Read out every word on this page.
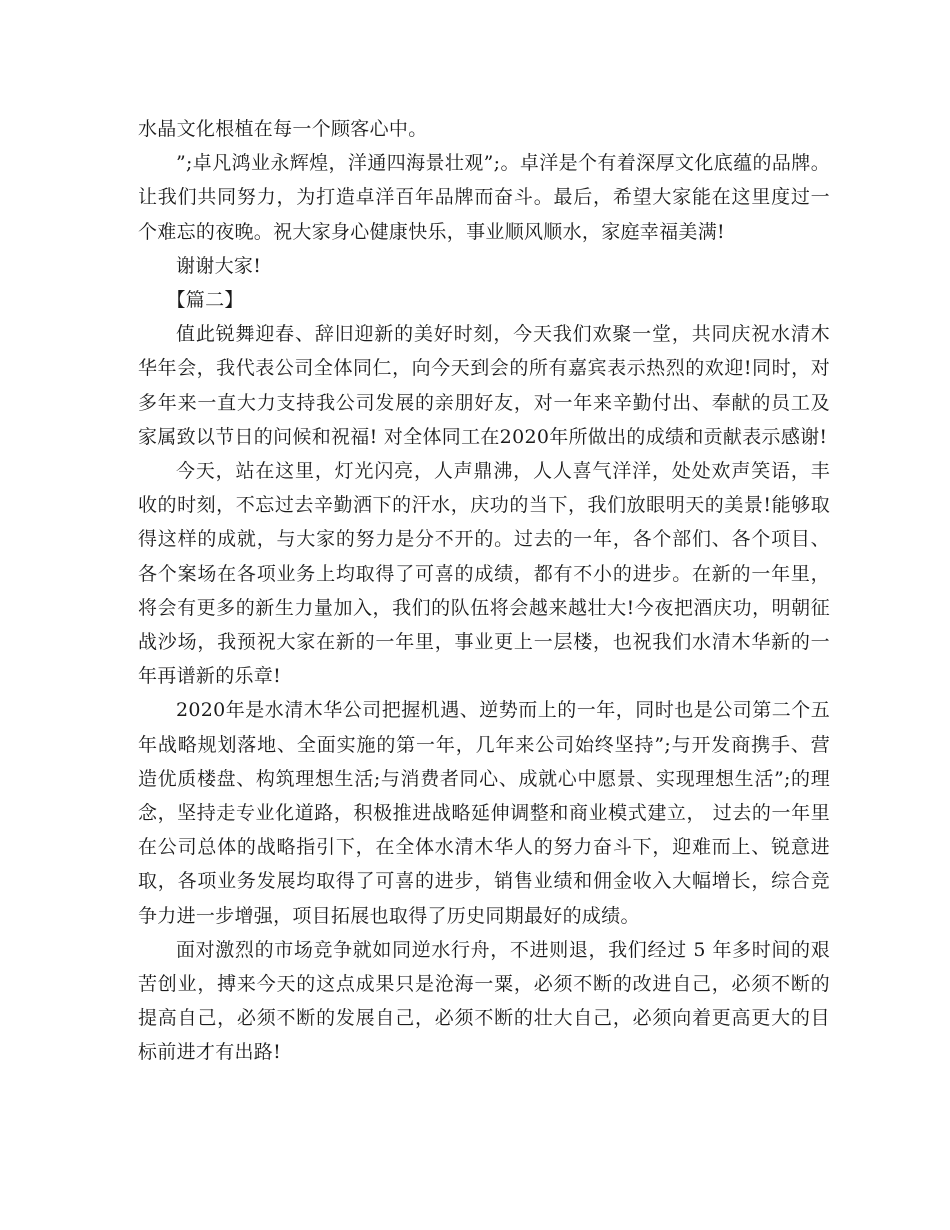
水晶文化根植在每一个顾客心中。

”;卓凡鸿业永辉煌，洋通四海景壮观”;。卓洋是个有着深厚文化底蕴的品牌。让我们共同努力，为打造卓洋百年品牌而奋斗。最后，希望大家能在这里度过一个难忘的夜晚。祝大家身心健康快乐，事业顺风顺水，家庭幸福美满!

谢谢大家!

【篇二】

值此锐舞迎春、辞旧迎新的美好时刻，今天我们欢聚一堂，共同庆祝水清木华年会，我代表公司全体同仁，向今天到会的所有嘉宾表示热烈的欢迎!同时，对多年来一直大力支持我公司发展的亲朋好友，对一年来辛勤付出、奉献的员工及家属致以节日的问候和祝福! 对全体同工在2020年所做出的成绩和贡献表示感谢!

今天，站在这里，灯光闪亮，人声鼎沸，人人喜气洋洋，处处欢声笑语，丰收的时刻，不忘过去辛勤洒下的汗水，庆功的当下，我们放眼明天的美景!能够取得这样的成就，与大家的努力是分不开的。过去的一年，各个部们、各个项目、各个案场在各项业务上均取得了可喜的成绩，都有不小的进步。在新的一年里，将会有更多的新生力量加入，我们的队伍将会越来越壮大!今夜把酒庆功，明朝征战沙场，我预祝大家在新的一年里，事业更上一层楼，也祝我们水清木华新的一年再谱新的乐章!

2020年是水清木华公司把握机遇、逆势而上的一年，同时也是公司第二个五年战略规划落地、全面实施的第一年，几年来公司始终坚持”;与开发商携手、营造优质楼盘、构筑理想生活;与消费者同心、成就心中愿景、实现理想生活”;的理念，坚持走专业化道路，积极推进战略延伸调整和商业模式建立， 过去的一年里在公司总体的战略指引下，在全体水清木华人的努力奋斗下，迎难而上、锐意进取，各项业务发展均取得了可喜的进步，销售业绩和佣金收入大幅增长，综合竞争力进一步增强，项目拓展也取得了历史同期最好的成绩。

面对激烈的市场竞争就如同逆水行舟，不进则退，我们经过 5 年多时间的艰苦创业，搏来今天的这点成果只是沧海一粟，必须不断的改进自己，必须不断的提高自己，必须不断的发展自己，必须不断的壮大自己，必须向着更高更大的目标前进才有出路!
